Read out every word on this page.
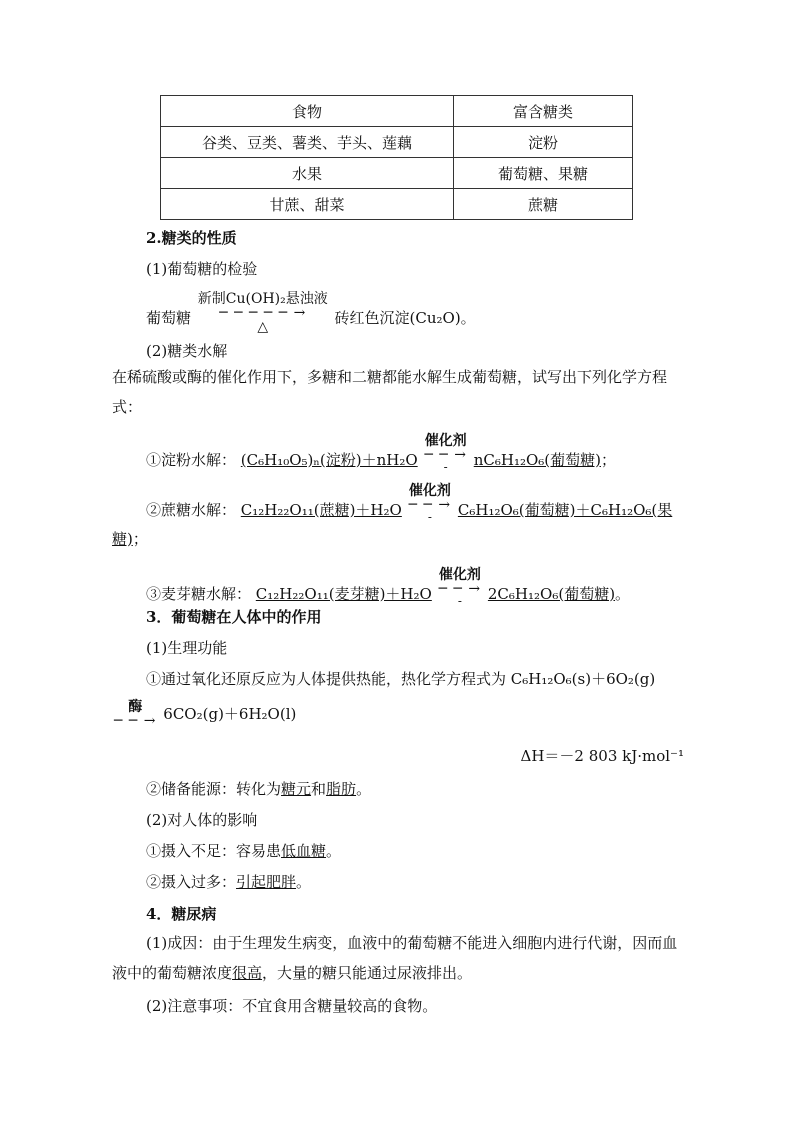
食物	富含糖类
谷类、豆类、薯类、芋头、莲藕	淀粉
水果	葡萄糖、果糖
甘蔗、甜菜	蔗糖
2.糖类的性质
(1)葡萄糖的检验
葡萄糖
新制Cu(OH)₂悬浊液
─ ─ ─ ─ ─ →
△	砖红色沉淀(Cu₂O)。
(2)糖类水解
在稀硫酸或酶的催化作用下，多糖和二糖都能水解生成葡萄糖，试写出下列化学方程式：
①淀粉水解： (C₆H₁₀O₅)ₙ(淀粉)＋nH₂O
催化剂
─ ─ →
-	nC₆H₁₂O₆(葡萄糖)；
②蔗糖水解： C₁₂H₂₂O₁₁(蔗糖)＋H₂O
催化剂
─ ─ →
-	C₆H₁₂O₆(葡萄糖)＋C₆H₁₂O₆(果
糖)；
③麦芽糖水解： C₁₂H₂₂O₁₁(麦芽糖)＋H₂O
催化剂
─ ─ →
-	2C₆H₁₂O₆(葡萄糖)。
3．葡萄糖在人体中的作用
(1)生理功能
①通过氧化还原反应为人体提供热能，热化学方程式为 C₆H₁₂O₆(s)＋6O₂(g)
酶
─ ─ → 6CO₂(g)＋6H₂O(l)
ΔH＝－2 803 kJ·mol⁻¹
②储备能源：转化为糖元和脂肪。
(2)对人体的影响
①摄入不足：容易患低血糖。
②摄入过多：引起肥胖。
4．糖尿病
(1)成因：由于生理发生病变，血液中的葡萄糖不能进入细胞内进行代谢，因而血液中的葡萄糖浓度很高，大量的糖只能通过尿液排出。
(2)注意事项：不宜食用含糖量较高的食物。
